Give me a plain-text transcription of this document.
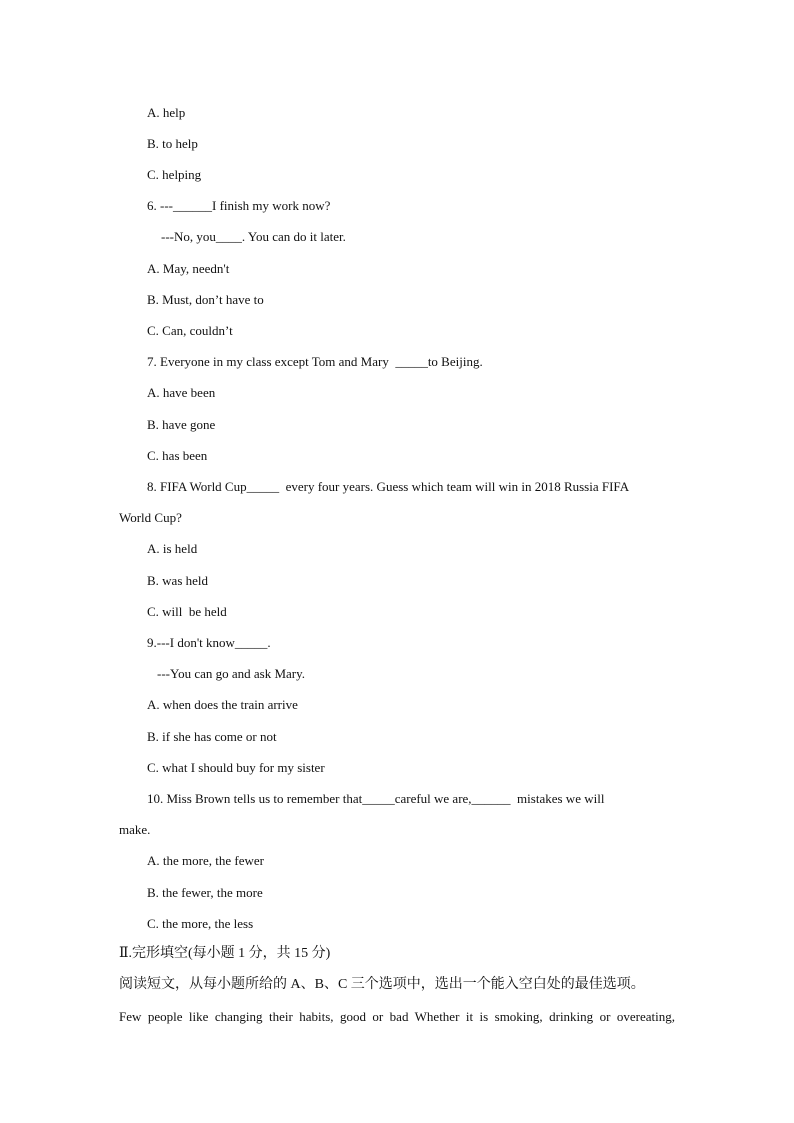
A. help
B. to help
C. helping
6. ---______I finish my work now?
---No, you____. You can do it later.
A. May, needn't
B. Must, don’t have to
C. Can, couldn’t
7. Everyone in my class except Tom and Mary  _____to Beijing.
A. have been
B. have gone
C. has been
8. FIFA World Cup_____  every four years. Guess which team will win in 2018 Russia FIFA
World Cup?
A. is held
B. was held
C. will  be held
9.---I don't know_____.
---You can go and ask Mary.
A. when does the train arrive
B. if she has come or not
C. what I should buy for my sister
10. Miss Brown tells us to remember that_____careful we are,______  mistakes we will
make.
A. the more, the fewer
B. the fewer, the more
C. the more, the less
Ⅱ.完形填空(每小题 1 分，共 15 分)
阅读短文，从每小题所给的 A、B、C 三个选项中，选出一个能入空白处的最佳选项。
Few people like changing their habits, good or bad Whether it is smoking, drinking or overeating,
